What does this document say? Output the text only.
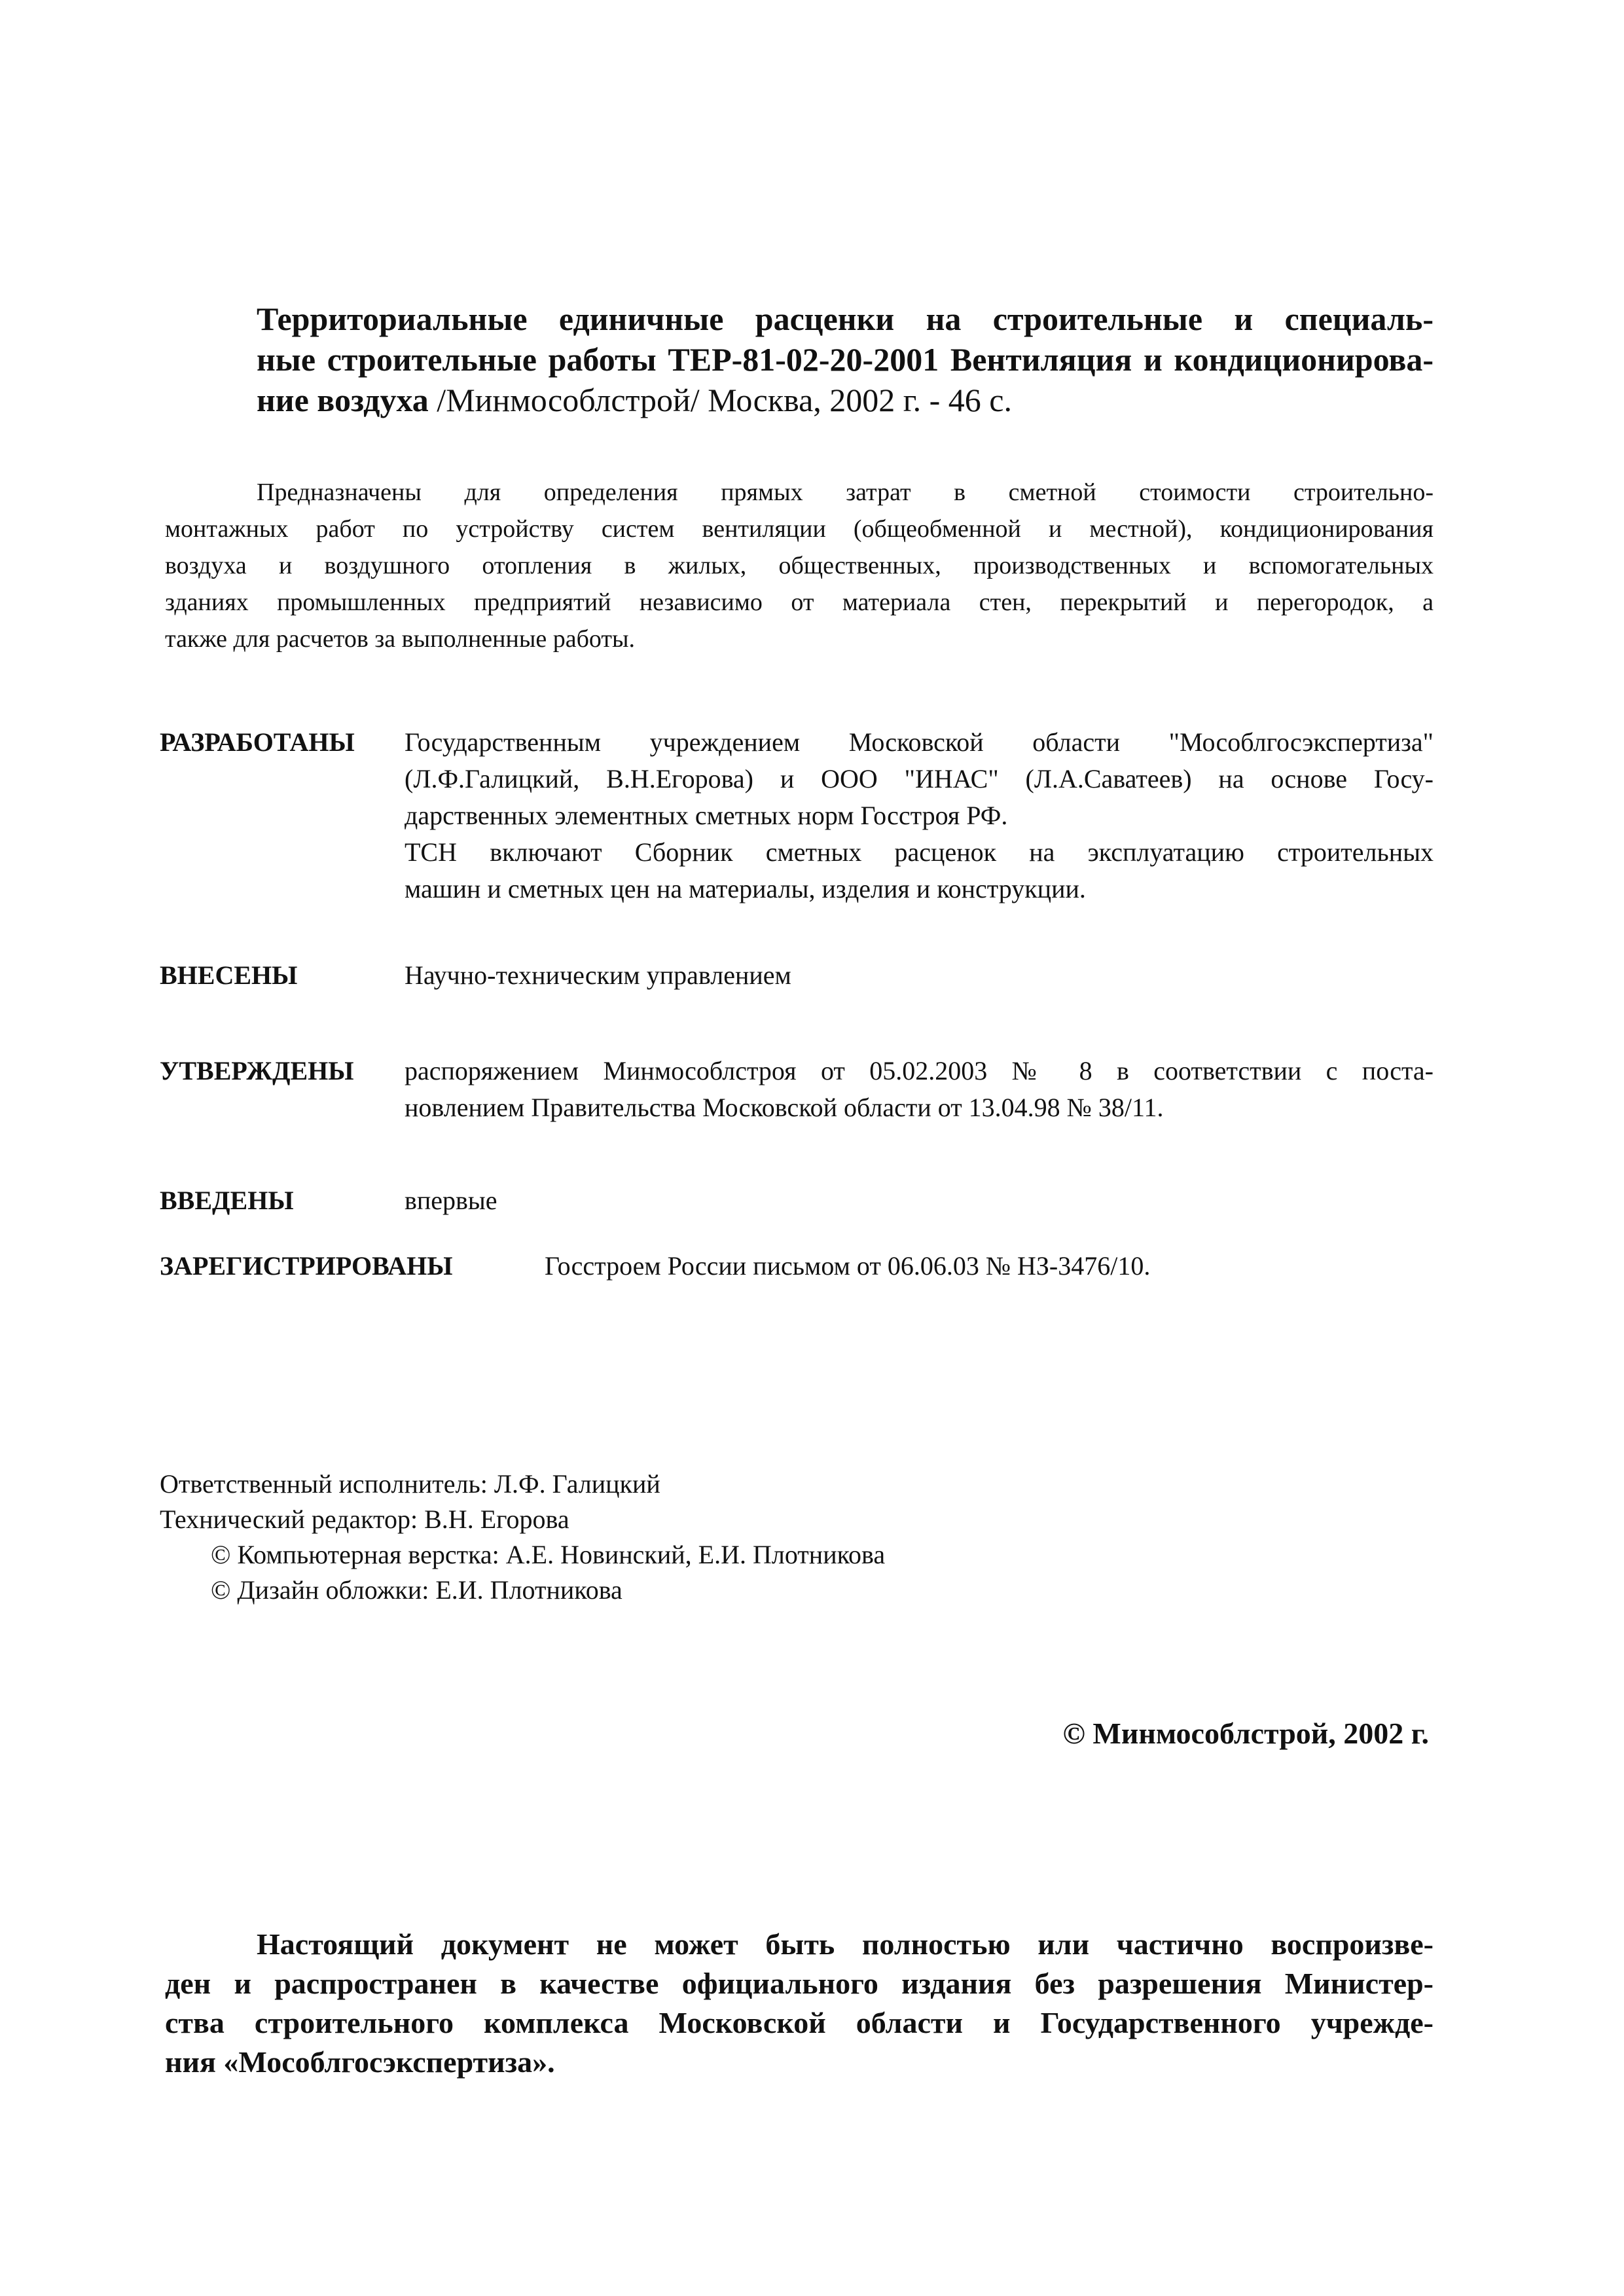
Территориальные единичные расценки на строительные и специаль-
ные строительные работы ТЕР-81-02-20-2001 Вентиляция и кондиционирова-
ние воздуха /Минмособлстрой/ Москва, 2002 г. - 46 с.
Предназначены для определения прямых затрат в сметной стоимости строительно-
монтажных работ по устройству систем вентиляции (общеобменной и местной), кондиционирования
воздуха и воздушного отопления в жилых, общественных, производственных и вспомогательных
зданиях промышленных предприятий независимо от материала стен, перекрытий и перегородок, а
также для расчетов за выполненные работы.
РАЗРАБОТАНЫ Государственным учреждением Московской области "Мособлгосэкспертиза"
(Л.Ф.Галицкий, В.Н.Егорова) и ООО "ИНАС" (Л.А.Саватеев) на основе Госу-
дарственных элементных сметных норм Госстроя РФ.
ТСН включают Сборник сметных расценок на эксплуатацию строительных
машин и сметных цен на материалы, изделия и конструкции.
ВНЕСЕНЫ	Научно-техническим управлением
УТВЕРЖДЕНЫ распоряжением Минмособлстроя от 05.02.2003 № 8 в соответствии с поста-
новлением Правительства Московской области от 13.04.98 № 38/11.
ВВЕДЕНЫ	впервые
ЗАРЕГИСТРИРОВАНЫ	Госстроем России письмом от 06.06.03 № НЗ-3476/10.
Ответственный исполнитель: Л.Ф. Галицкий
Технический редактор: В.Н. Егорова
© Компьютерная верстка: А.Е. Новинский, Е.И. Плотникова
© Дизайн обложки: Е.И. Плотникова
© Минмособлстрой, 2002 г.
Настоящий документ не может быть полностью или частично воспроизве-
ден и распространен в качестве официального издания без разрешения Министер-
ства строительного комплекса Московской области и Государственного учрежде-
ния «Мособлгосэкспертиза».
